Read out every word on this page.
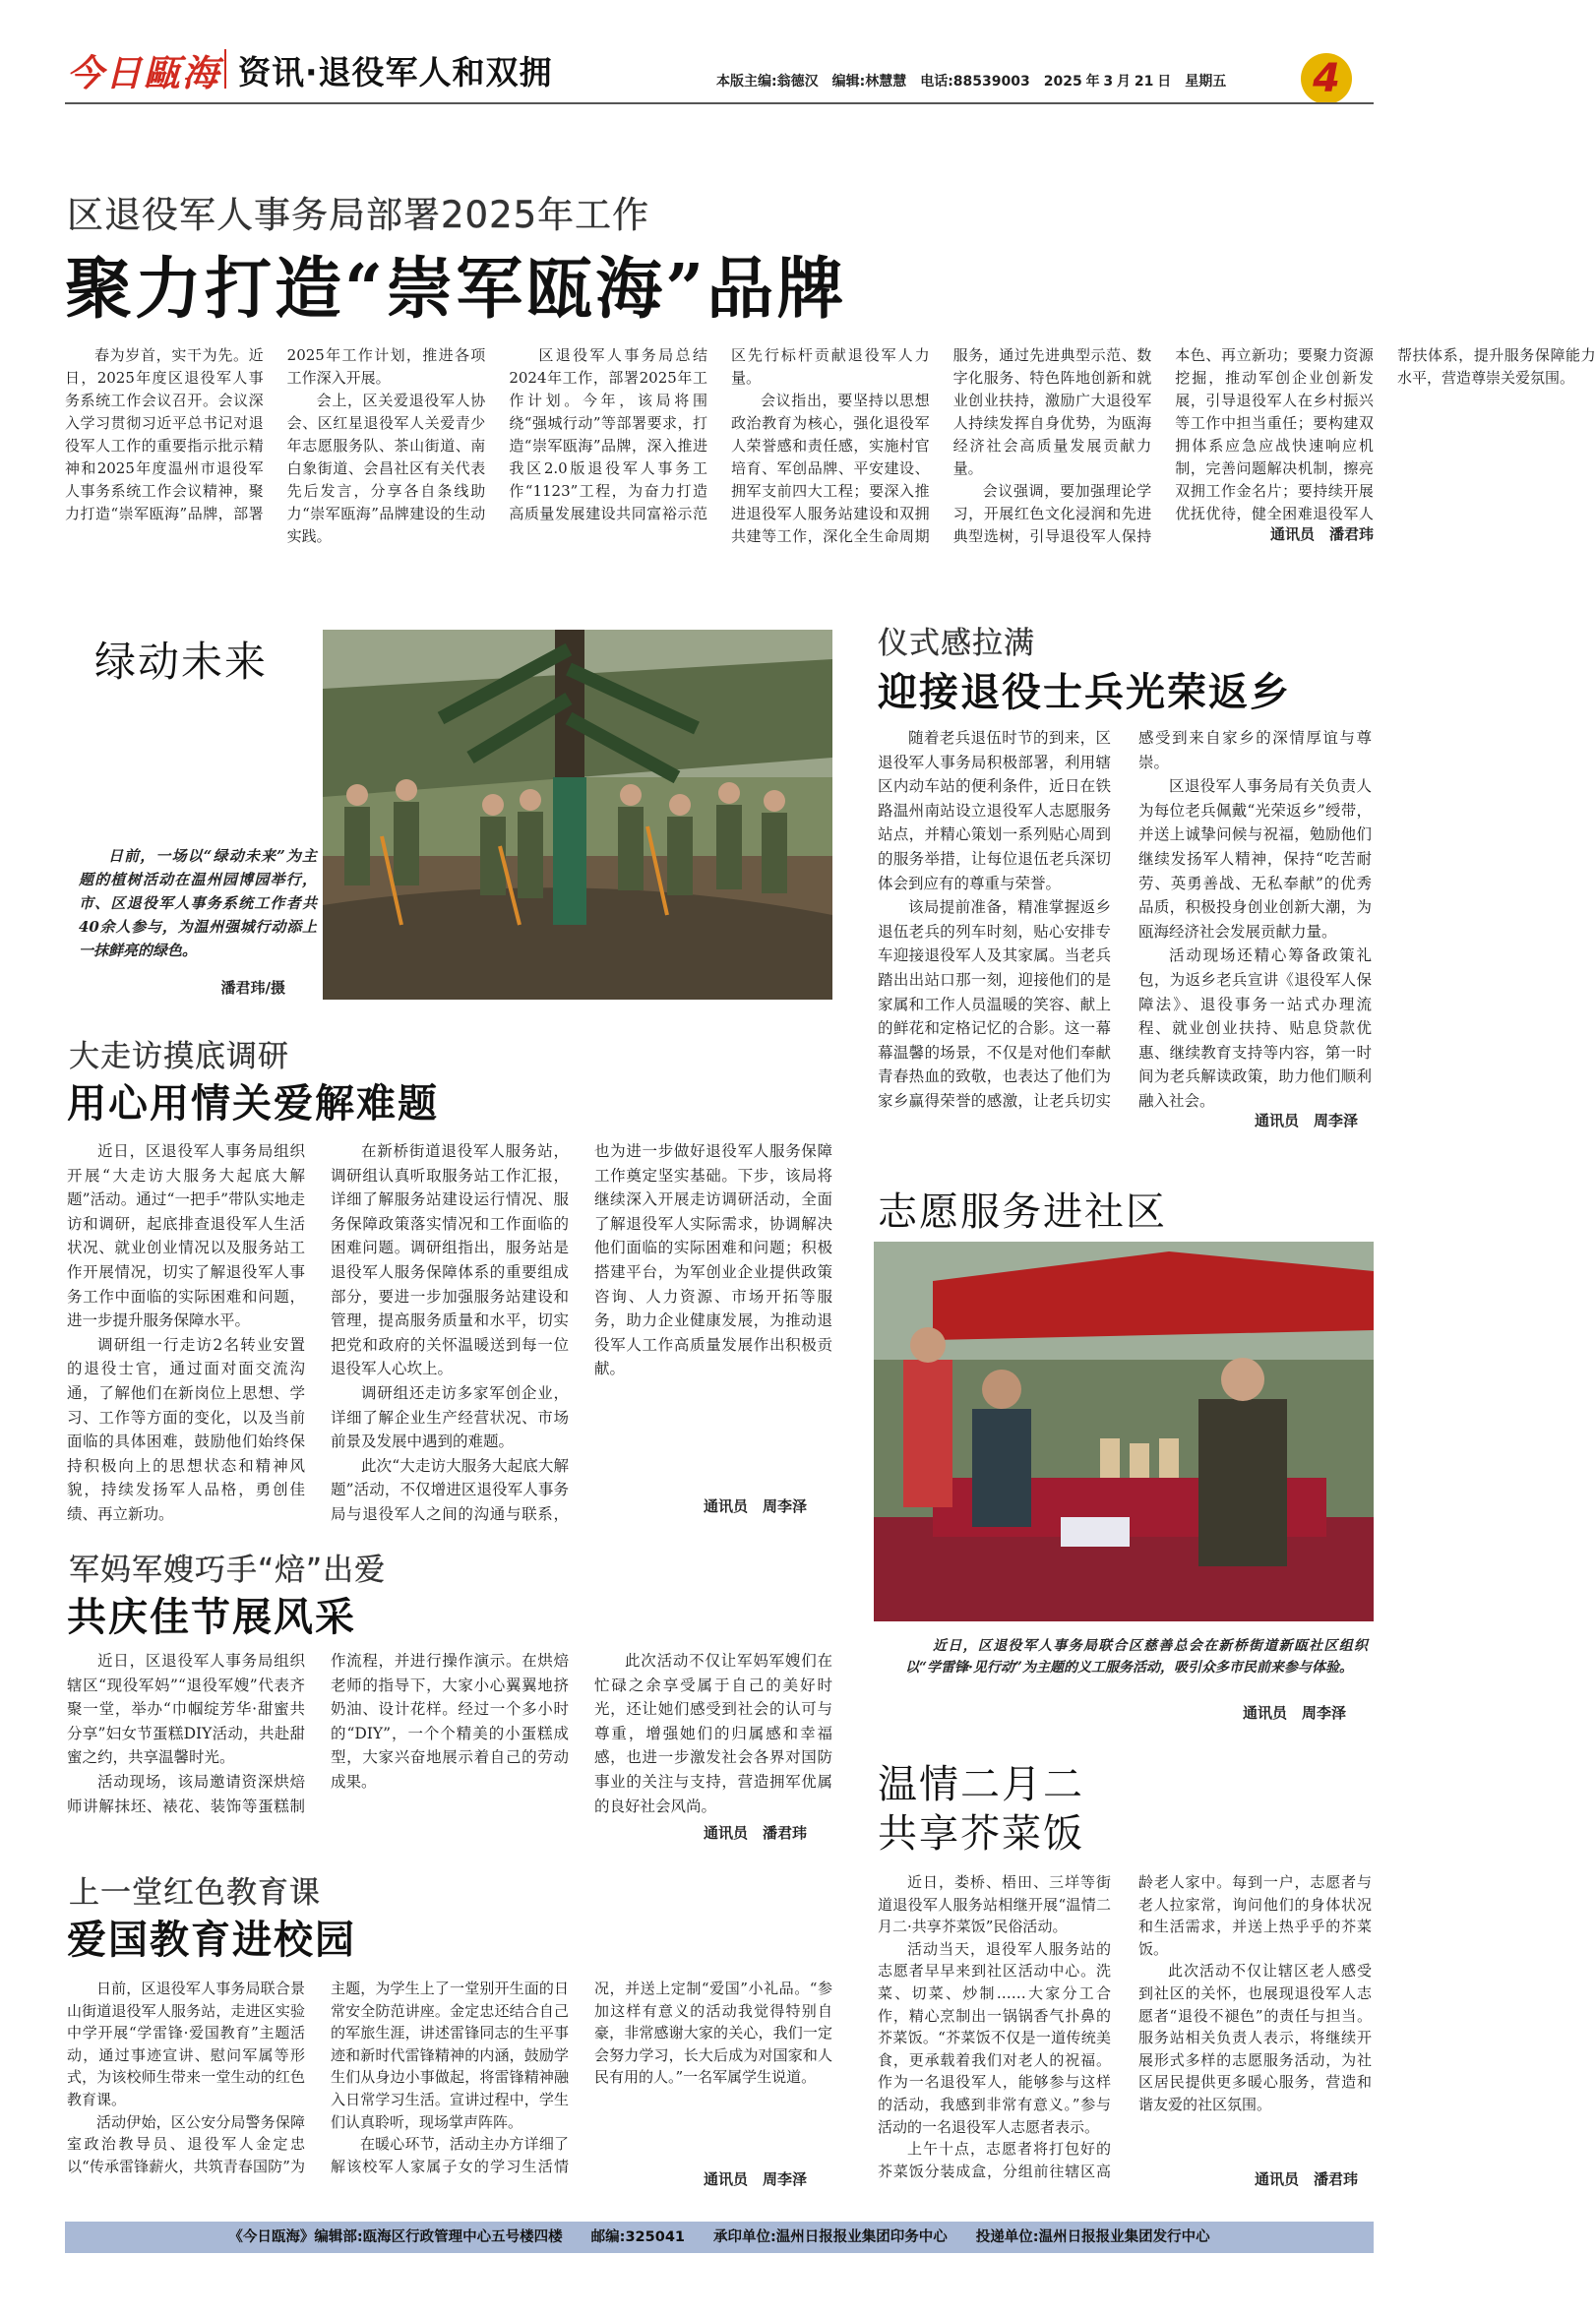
今日甌海 资讯·退役军人和双拥	本版主编:翁德汉　编辑:林慧慧　电话:88539003　2025 年 3 月 21 日　星期五	4
区退役军人事务局部署2025年工作
聚力打造“崇军瓯海”品牌
春为岁首，实干为先。近日，2025年度区退役军人事务系统工作会议召开。会议深入学习贯彻习近平总书记对退役军人工作的重要指示批示精神和2025年度温州市退役军人事务系统工作会议精神，聚力打造“崇军瓯海”品牌，部署2025年工作计划，推进各项工作深入开展。
会上，区关爱退役军人协会、区红星退役军人关爱青少年志愿服务队、茶山街道、南白象街道、会昌社区有关代表先后发言，分享各自条线助力“崇军瓯海”品牌建设的生动实践。
区退役军人事务局总结2024年工作，部署2025年工作计划。今年，该局将围绕“强城行动”等部署要求，打造“崇军瓯海”品牌，深入推进我区2.0版退役军人事务工作“1123”工程，为奋力打造高质量发展建设共同富裕示范区先行标杆贡献退役军人力量。
会议指出，要坚持以思想政治教育为核心，强化退役军人荣誉感和责任感，实施村官培育、军创品牌、平安建设、拥军支前四大工程；要深入推进退役军人服务站建设和双拥共建等工作，深化全生命周期服务，通过先进典型示范、数字化服务、特色阵地创新和就业创业扶持，激励广大退役军人持续发挥自身优势，为瓯海经济社会高质量发展贡献力量。
会议强调，要加强理论学习，开展红色文化浸润和先进典型选树，引导退役军人保持本色、再立新功；要聚力资源挖掘，推动军创企业创新发展，引导退役军人在乡村振兴等工作中担当重任；要构建双拥体系应急应战快速响应机制，完善问题解决机制，擦亮双拥工作金名片；要持续开展优抚优待，健全困难退役军人帮扶体系，提升服务保障能力水平，营造尊崇关爱氛围。
通讯员　潘君玮
绿动未来
日前，一场以“绿动未来”为主题的植树活动在温州园博园举行，市、区退役军人事务系统工作者共40余人参与，为温州强城行动添上一抹鲜亮的绿色。
潘君玮/摄
大走访摸底调研
用心用情关爱解难题
近日，区退役军人事务局组织开展“大走访大服务大起底大解题”活动。通过“一把手”带队实地走访和调研，起底排查退役军人生活状况、就业创业情况以及服务站工作开展情况，切实了解退役军人事务工作中面临的实际困难和问题，进一步提升服务保障水平。
调研组一行走访2名转业安置的退役士官，通过面对面交流沟通，了解他们在新岗位上思想、学习、工作等方面的变化，以及当前面临的具体困难，鼓励他们始终保持积极向上的思想状态和精神风貌，持续发扬军人品格，勇创佳绩、再立新功。
在新桥街道退役军人服务站，调研组认真听取服务站工作汇报，详细了解服务站建设运行情况、服务保障政策落实情况和工作面临的困难问题。调研组指出，服务站是退役军人服务保障体系的重要组成部分，要进一步加强服务站建设和管理，提高服务质量和水平，切实把党和政府的关怀温暖送到每一位退役军人心坎上。
调研组还走访多家军创企业，详细了解企业生产经营状况、市场前景及发展中遇到的难题。
此次“大走访大服务大起底大解题”活动，不仅增进区退役军人事务局与退役军人之间的沟通与联系，也为进一步做好退役军人服务保障工作奠定坚实基础。下步，该局将继续深入开展走访调研活动，全面了解退役军人实际需求，协调解决他们面临的实际困难和问题；积极搭建平台，为军创业企业提供政策咨询、人力资源、市场开拓等服务，助力企业健康发展，为推动退役军人工作高质量发展作出积极贡献。
通讯员　周李泽
仪式感拉满
迎接退役士兵光荣返乡
随着老兵退伍时节的到来，区退役军人事务局积极部署，利用辖区内动车站的便利条件，近日在铁路温州南站设立退役军人志愿服务站点，并精心策划一系列贴心周到的服务举措，让每位退伍老兵深切体会到应有的尊重与荣誉。
该局提前准备，精准掌握返乡退伍老兵的列车时刻，贴心安排专车迎接退役军人及其家属。当老兵踏出出站口那一刻，迎接他们的是家属和工作人员温暖的笑容、献上的鲜花和定格记忆的合影。这一幕幕温馨的场景，不仅是对他们奉献青春热血的致敬，也表达了他们为家乡赢得荣誉的感激，让老兵切实感受到来自家乡的深情厚谊与尊崇。
区退役军人事务局有关负责人为每位老兵佩戴“光荣返乡”绶带，并送上诚挚问候与祝福，勉励他们继续发扬军人精神，保持“吃苦耐劳、英勇善战、无私奉献”的优秀品质，积极投身创业创新大潮，为瓯海经济社会发展贡献力量。
活动现场还精心筹备政策礼包，为返乡老兵宣讲《退役军人保障法》、退役事务一站式办理流程、就业创业扶持、贴息贷款优惠、继续教育支持等内容，第一时间为老兵解读政策，助力他们顺利融入社会。
通讯员　周李泽
志愿服务进社区
近日，区退役军人事务局联合区慈善总会在新桥街道新瓯社区组织以“学雷锋·见行动”为主题的义工服务活动，吸引众多市民前来参与体验。
通讯员　周李泽
军妈军嫂巧手“焙”出爱
共庆佳节展风采
近日，区退役军人事务局组织辖区“现役军妈”“退役军嫂”代表齐聚一堂，举办“巾帼绽芳华·甜蜜共分享”妇女节蛋糕DIY活动，共赴甜蜜之约，共享温馨时光。
活动现场，该局邀请资深烘焙师讲解抹坯、裱花、装饰等蛋糕制作流程，并进行操作演示。在烘焙老师的指导下，大家小心翼翼地挤奶油、设计花样。经过一个多小时的“DIY”，一个个精美的小蛋糕成型，大家兴奋地展示着自己的劳动成果。
此次活动不仅让军妈军嫂们在忙碌之余享受属于自己的美好时光，还让她们感受到社会的认可与尊重，增强她们的归属感和幸福感，也进一步激发社会各界对国防事业的关注与支持，营造拥军优属的良好社会风尚。
通讯员　潘君玮
上一堂红色教育课
爱国教育进校园
日前，区退役军人事务局联合景山街道退役军人服务站，走进区实验中学开展“学雷锋·爱国教育”主题活动，通过事迹宣讲、慰问军属等形式，为该校师生带来一堂生动的红色教育课。
活动伊始，区公安分局警务保障室政治教导员、退役军人金定忠以“传承雷锋薪火，共筑青春国防”为主题，为学生上了一堂别开生面的日常安全防范讲座。金定忠还结合自己的军旅生涯，讲述雷锋同志的生平事迹和新时代雷锋精神的内涵，鼓励学生们从身边小事做起，将雷锋精神融入日常学习生活。宣讲过程中，学生们认真聆听，现场掌声阵阵。
在暖心环节，活动主办方详细了解该校军人家属子女的学习生活情况，并送上定制“爱国”小礼品。“参加这样有意义的活动我觉得特别自豪，非常感谢大家的关心，我们一定会努力学习，长大后成为对国家和人民有用的人。”一名军属学生说道。
通讯员　周李泽
温情二月二
共享芥菜饭
近日，娄桥、梧田、三垟等街道退役军人服务站相继开展“温情二月二·共享芥菜饭”民俗活动。
活动当天，退役军人服务站的志愿者早早来到社区活动中心。洗菜、切菜、炒制……大家分工合作，精心烹制出一锅锅香气扑鼻的芥菜饭。“芥菜饭不仅是一道传统美食，更承载着我们对老人的祝福。作为一名退役军人，能够参与这样的活动，我感到非常有意义。”参与活动的一名退役军人志愿者表示。
上午十点，志愿者将打包好的芥菜饭分装成盒，分组前往辖区高龄老人家中。每到一户，志愿者与老人拉家常，询问他们的身体状况和生活需求，并送上热乎乎的芥菜饭。
此次活动不仅让辖区老人感受到社区的关怀，也展现退役军人志愿者“退役不褪色”的责任与担当。服务站相关负责人表示，将继续开展形式多样的志愿服务活动，为社区居民提供更多暖心服务，营造和谐友爱的社区氛围。
通讯员　潘君玮
《今日瓯海》编辑部:瓯海区行政管理中心五号楼四楼　　邮编:325041　　承印单位:温州日报报业集团印务中心　　投递单位:温州日报报业集团发行中心
